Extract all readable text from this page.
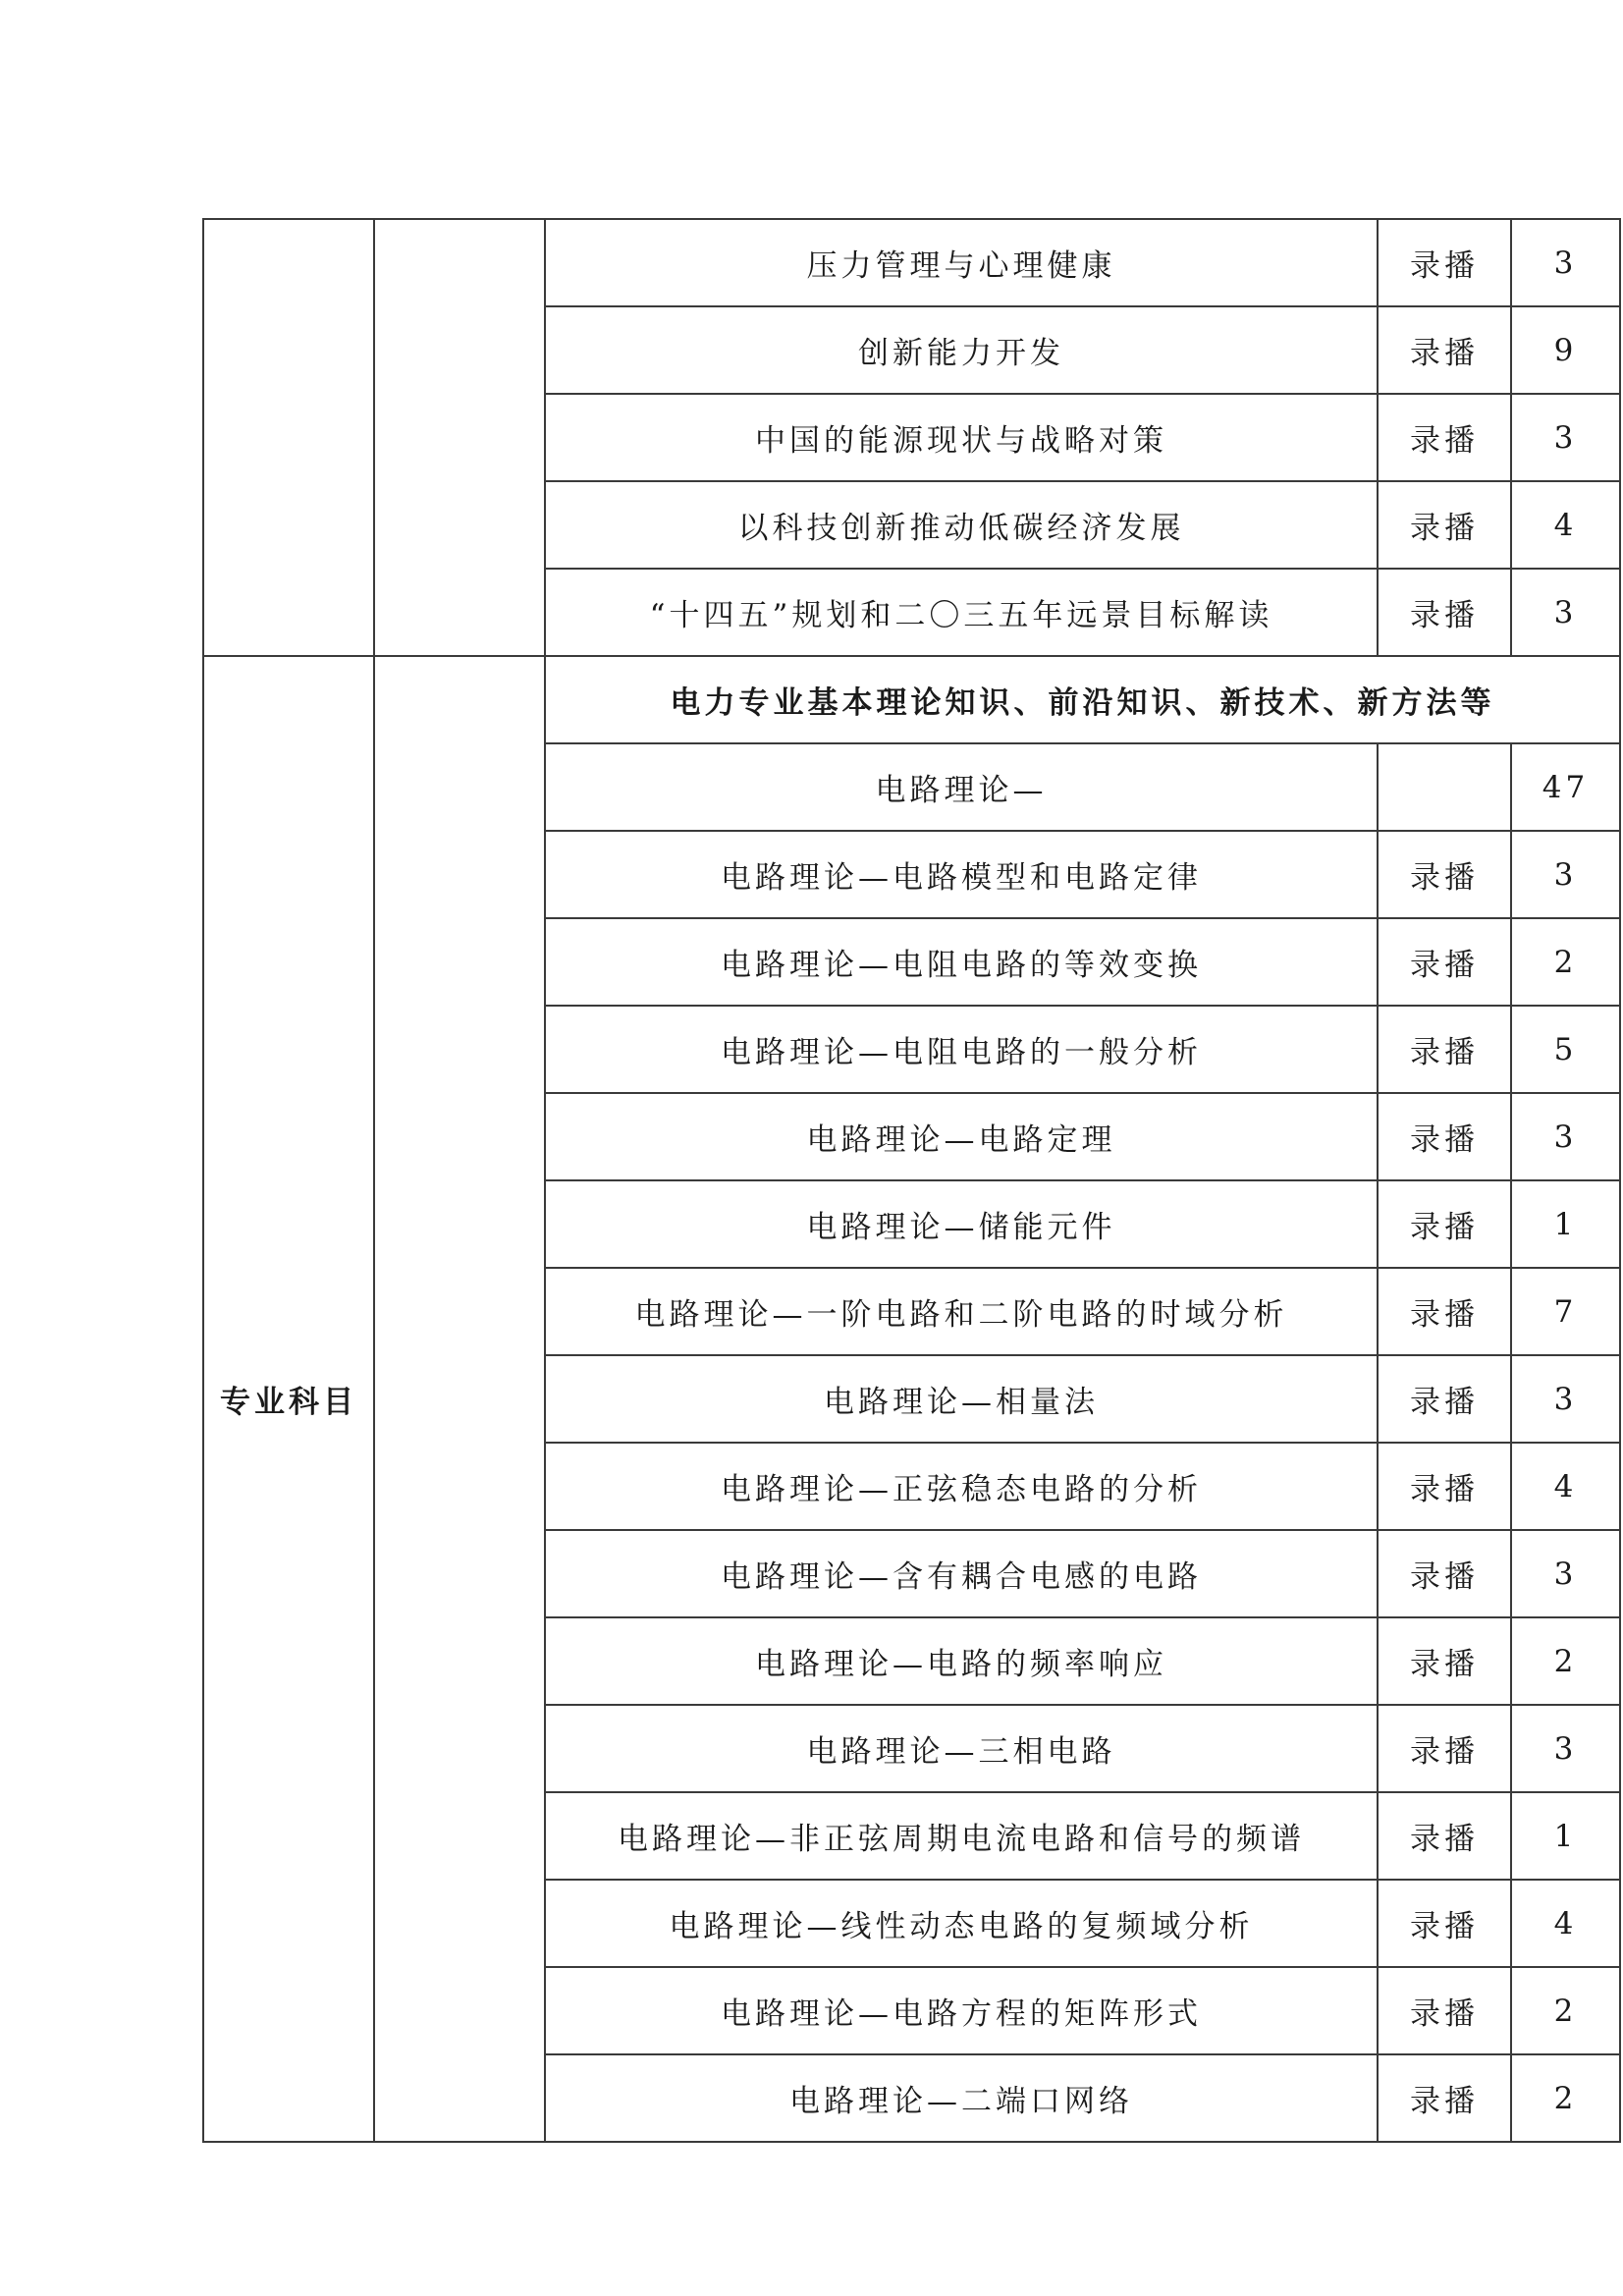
		压力管理与心理健康	录播	3
		创新能力开发	录播	9
		中国的能源现状与战略对策	录播	3
		以科技创新推动低碳经济发展	录播	4
		“十四五”规划和二〇三五年远景目标解读	录播	3
专业科目		电力专业基本理论知识、前沿知识、新技术、新方法等		
		电路理论—		47
		电路理论—电路模型和电路定律	录播	3
		电路理论—电阻电路的等效变换	录播	2
		电路理论—电阻电路的一般分析	录播	5
		电路理论—电路定理	录播	3
		电路理论—储能元件	录播	1
		电路理论—一阶电路和二阶电路的时域分析	录播	7
		电路理论—相量法	录播	3
		电路理论—正弦稳态电路的分析	录播	4
		电路理论—含有耦合电感的电路	录播	3
		电路理论—电路的频率响应	录播	2
		电路理论—三相电路	录播	3
		电路理论—非正弦周期电流电路和信号的频谱	录播	1
		电路理论—线性动态电路的复频域分析	录播	4
		电路理论—电路方程的矩阵形式	录播	2
		电路理论—二端口网络	录播	2
